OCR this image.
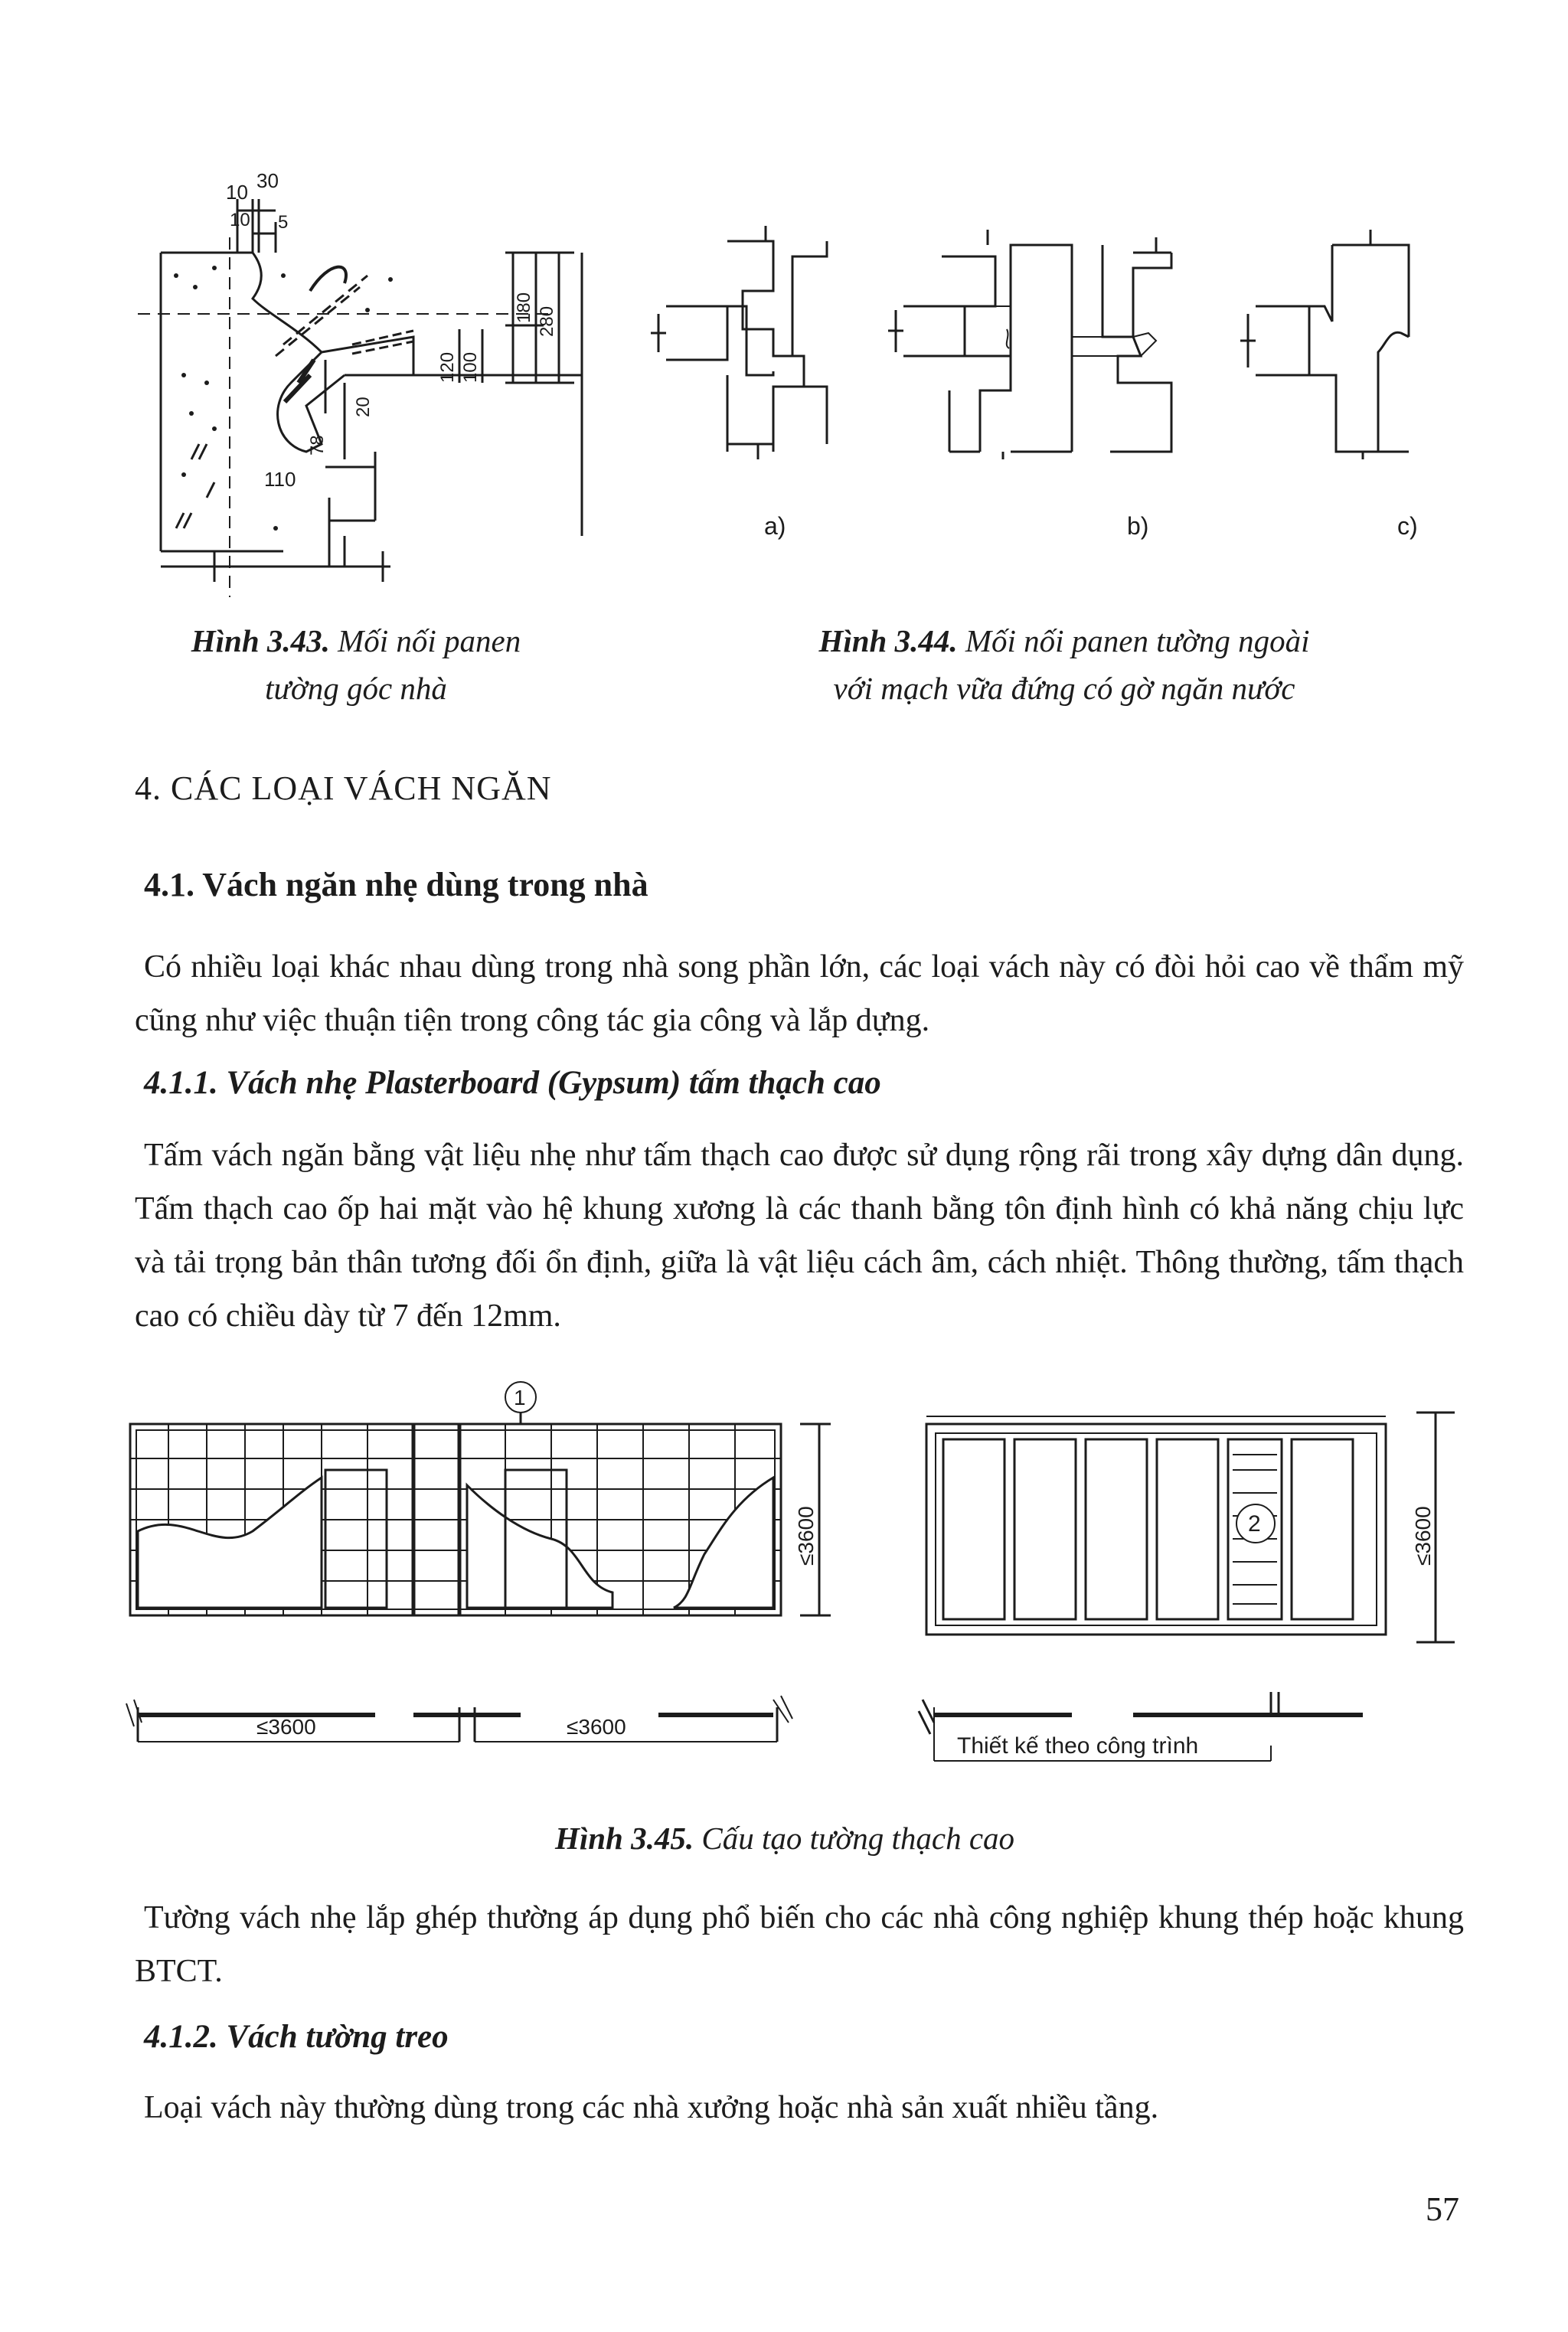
10 30
10 5
180 280
100
120
20
78
110
Hình 3.43. Mối nối panen
tường góc nhà
a)	b)	c)
Hình 3.44. Mối nối panen tường ngoài
với mạch vữa đứng có gờ ngăn nước
4. CÁC LOẠI VÁCH NGĂN
4.1. Vách ngăn nhẹ dùng trong nhà
Có nhiều loại khác nhau dùng trong nhà song phần lớn, các loại vách này có đòi hỏi cao về thẩm mỹ cũng như việc thuận tiện trong công tác gia công và lắp dựng.
4.1.1. Vách nhẹ Plasterboard (Gypsum) tấm thạch cao
Tấm vách ngăn bằng vật liệu nhẹ như tấm thạch cao được sử dụng rộng rãi trong xây dựng dân dụng. Tấm thạch cao ốp hai mặt vào hệ khung xương là các thanh bằng tôn định hình có khả năng chịu lực và tải trọng bản thân tương đối ổn định, giữa là vật liệu cách âm, cách nhiệt. Thông thường, tấm thạch cao có chiều dày từ 7 đến 12mm.
1
2
≤3600	≤3600
≤3600	≤3600
Thiết kế theo công trình
Hình 3.45. Cấu tạo tường thạch cao
Tường vách nhẹ lắp ghép thường áp dụng phổ biến cho các nhà công nghiệp khung thép hoặc khung BTCT.
4.1.2. Vách tường treo
Loại vách này thường dùng trong các nhà xưởng hoặc nhà sản xuất nhiều tầng.
57
